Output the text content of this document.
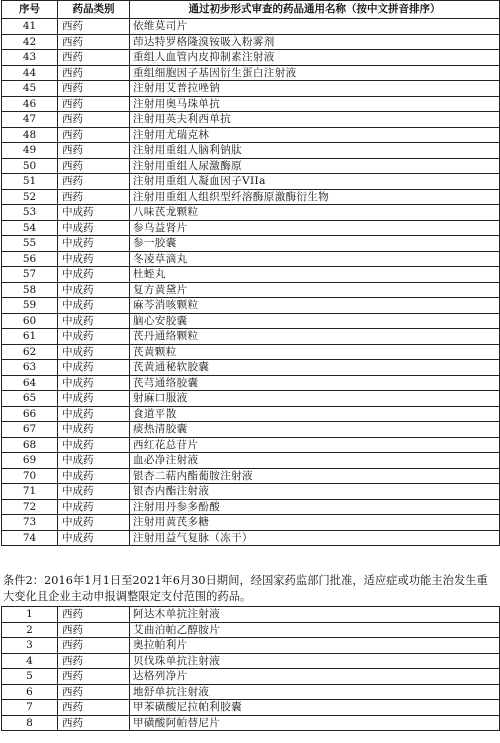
序号	药品类别	通过初步形式审查的药品通用名称（按中文拼音排序）
41	西药	依维莫司片
42	西药	茚达特罗格隆溴铵吸入粉雾剂
43	西药	重组人血管内皮抑制素注射液
44	西药	重组细胞因子基因衍生蛋白注射液
45	西药	注射用艾普拉唑钠
46	西药	注射用奥马珠单抗
47	西药	注射用英夫利西单抗
48	西药	注射用尤瑞克林
49	西药	注射用重组人脑利钠肽
50	西药	注射用重组人尿激酶原
51	西药	注射用重组人凝血因子VIIa
52	西药	注射用重组人组织型纤溶酶原激酶衍生物
53	中成药	八味芪龙颗粒
54	中成药	参乌益肾片
55	中成药	参一胶囊
56	中成药	冬凌草滴丸
57	中成药	杜蛭丸
58	中成药	复方黄黛片
59	中成药	麻芩消咳颗粒
60	中成药	脑心安胶囊
61	中成药	芪丹通络颗粒
62	中成药	芪黄颗粒
63	中成药	芪黄通秘软胶囊
64	中成药	芪芎通络胶囊
65	中成药	射麻口服液
66	中成药	食道平散
67	中成药	痰热清胶囊
68	中成药	西红花总苷片
69	中成药	血必净注射液
70	中成药	银杏二萜内酯葡胺注射液
71	中成药	银杏内酯注射液
72	中成药	注射用丹参多酚酸
73	中成药	注射用黄芪多糖
74	中成药	注射用益气复脉（冻干）
条件2：2016年1月1日至2021年6月30日期间，经国家药监部门批准，适应症或功能主治发生重大变化且企业主动申报调整限定支付范围的药品。
1	西药	阿达木单抗注射液
2	西药	艾曲泊帕乙醇胺片
3	西药	奥拉帕利片
4	西药	贝伐珠单抗注射液
5	西药	达格列净片
6	西药	地舒单抗注射液
7	西药	甲苯磺酸尼拉帕利胶囊
8	西药	甲磺酸阿帕替尼片
